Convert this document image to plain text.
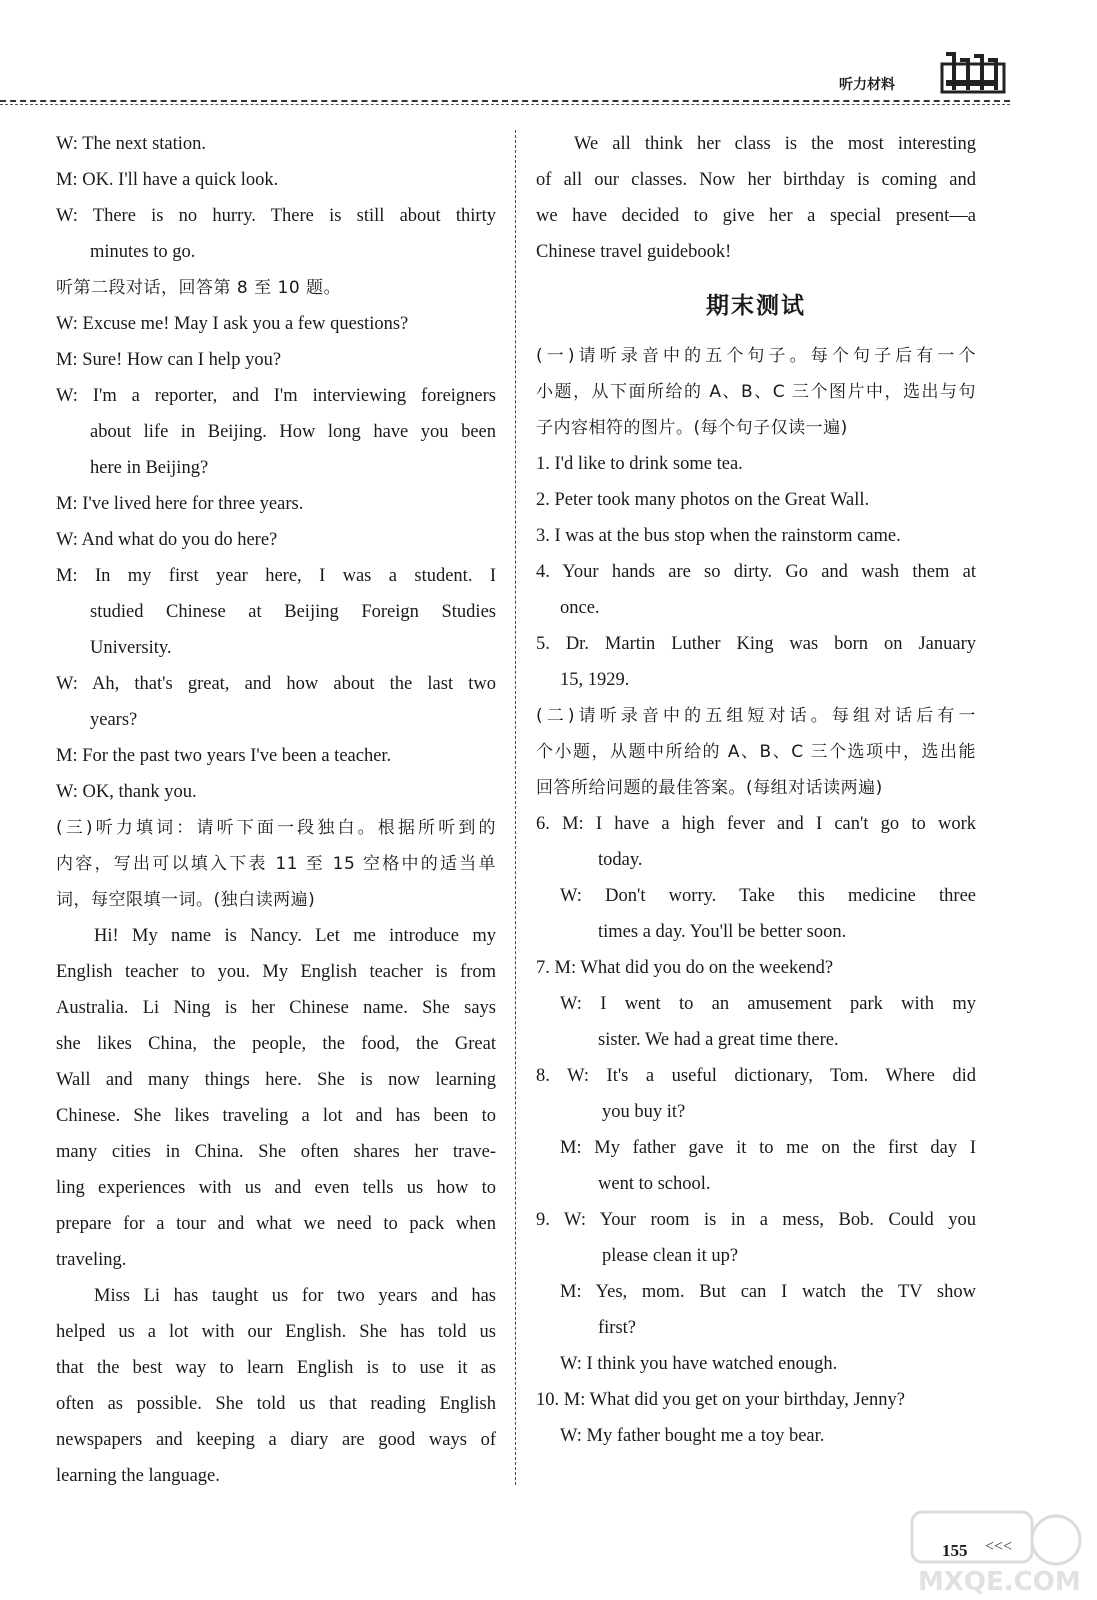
听力材料
W: The next station.
M: OK. I'll have a quick look.
W: There is no hurry. There is still about thirty
minutes to go.
听第二段对话，回答第 8 至 10 题。
W: Excuse me! May I ask you a few questions?
M: Sure! How can I help you?
W: I'm a reporter, and I'm interviewing foreigners
about life in Beijing. How long have you been
here in Beijing?
M: I've lived here for three years.
W: And what do you do here?
M: In my first year here, I was a student. I
studied Chinese at Beijing Foreign Studies
University.
W: Ah, that's great, and how about the last two
years?
M: For the past two years I've been a teacher.
W: OK, thank you.
(三)听力填词：请听下面一段独白。根据所听到的
内容，写出可以填入下表 11 至 15 空格中的适当单
词，每空限填一词。(独白读两遍)
Hi! My name is Nancy. Let me introduce my
English teacher to you. My English teacher is from
Australia. Li Ning is her Chinese name. She says
she likes China, the people, the food, the Great
Wall and many things here. She is now learning
Chinese. She likes traveling a lot and has been to
many cities in China. She often shares her trave-
ling experiences with us and even tells us how to
prepare for a tour and what we need to pack when
traveling.
Miss Li has taught us for two years and has
helped us a lot with our English. She has told us
that the best way to learn English is to use it as
often as possible. She told us that reading English
newspapers and keeping a diary are good ways of
learning the language.
We all think her class is the most interesting
of all our classes. Now her birthday is coming and
we have decided to give her a special present—a
Chinese travel guidebook!
期末测试
(一)请听录音中的五个句子。每个句子后有一个
小题，从下面所给的 A、B、C 三个图片中，选出与句
子内容相符的图片。(每个句子仅读一遍)
1. I'd like to drink some tea.
2. Peter took many photos on the Great Wall.
3. I was at the bus stop when the rainstorm came.
4. Your hands are so dirty. Go and wash them at
once.
5. Dr. Martin Luther King was born on January
15, 1929.
(二)请听录音中的五组短对话。每组对话后有一
个小题，从题中所给的 A、B、C 三个选项中，选出能
回答所给问题的最佳答案。(每组对话读两遍)
6. M: I have a high fever and I can't go to work
today.
W: Don't worry. Take this medicine three
times a day. You'll be better soon.
7. M: What did you do on the weekend?
W: I went to an amusement park with my
sister. We had a great time there.
8. W: It's a useful dictionary, Tom. Where did
you buy it?
M: My father gave it to me on the first day I
went to school.
9. W: Your room is in a mess, Bob. Could you
please clean it up?
M: Yes, mom. But can I watch the TV show
first?
W: I think you have watched enough.
10. M: What did you get on your birthday, Jenny?
W: My father bought me a toy bear.
155 <<<
MXQE.COM
